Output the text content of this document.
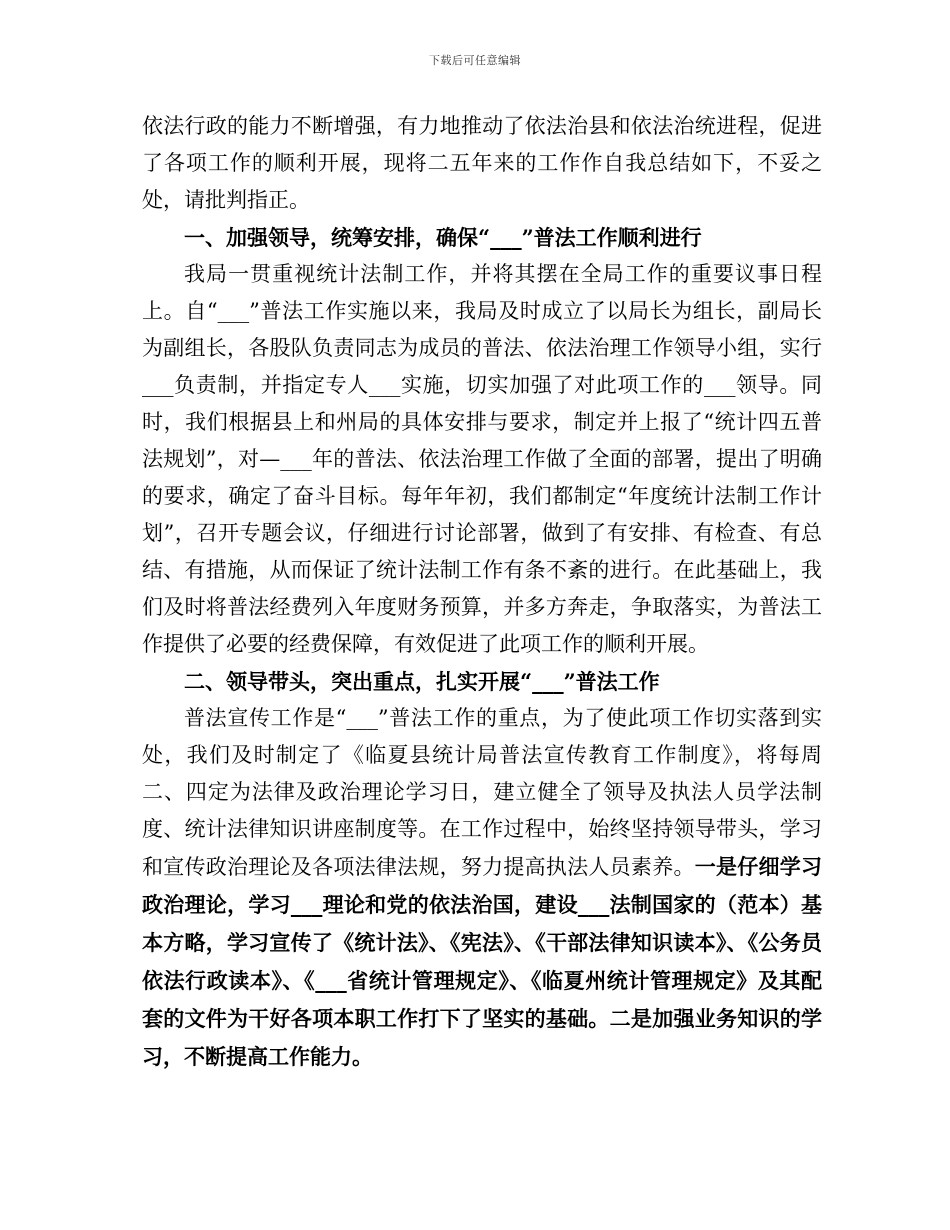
下载后可任意编辑

依法行政的能力不断增强，有力地推动了依法治县和依法治统进程，促进了各项工作的顺利开展，现将二五年来的工作作自我总结如下，不妥之处，请批判指正。

一、加强领导，统筹安排，确保“___”普法工作顺利进行

我局一贯重视统计法制工作，并将其摆在全局工作的重要议事日程上。自“___”普法工作实施以来，我局及时成立了以局长为组长，副局长为副组长，各股队负责同志为成员的普法、依法治理工作领导小组，实行___负责制，并指定专人___实施，切实加强了对此项工作的___领导。同时，我们根据县上和州局的具体安排与要求，制定并上报了“统计四五普法规划”，对—___年的普法、依法治理工作做了全面的部署，提出了明确的要求，确定了奋斗目标。每年年初，我们都制定“年度统计法制工作计划”，召开专题会议，仔细进行讨论部署，做到了有安排、有检查、有总结、有措施，从而保证了统计法制工作有条不紊的进行。在此基础上，我们及时将普法经费列入年度财务预算，并多方奔走，争取落实，为普法工作提供了必要的经费保障，有效促进了此项工作的顺利开展。

二、领导带头，突出重点，扎实开展“___”普法工作

普法宣传工作是“___”普法工作的重点，为了使此项工作切实落到实处，我们及时制定了《临夏县统计局普法宣传教育工作制度》，将每周二、四定为法律及政治理论学习日，建立健全了领导及执法人员学法制度、统计法律知识讲座制度等。在工作过程中，始终坚持领导带头，学习和宣传政治理论及各项法律法规，努力提高执法人员素养。一是仔细学习政治理论，学习___理论和党的依法治国，建设___法制国家的（范本）基本方略，学习宣传了《统计法》、《宪法》、《干部法律知识读本》、《公务员依法行政读本》、《___省统计管理规定》、《临夏州统计管理规定》及其配套的文件为干好各项本职工作打下了坚实的基础。二是加强业务知识的学习，不断提高工作能力。
